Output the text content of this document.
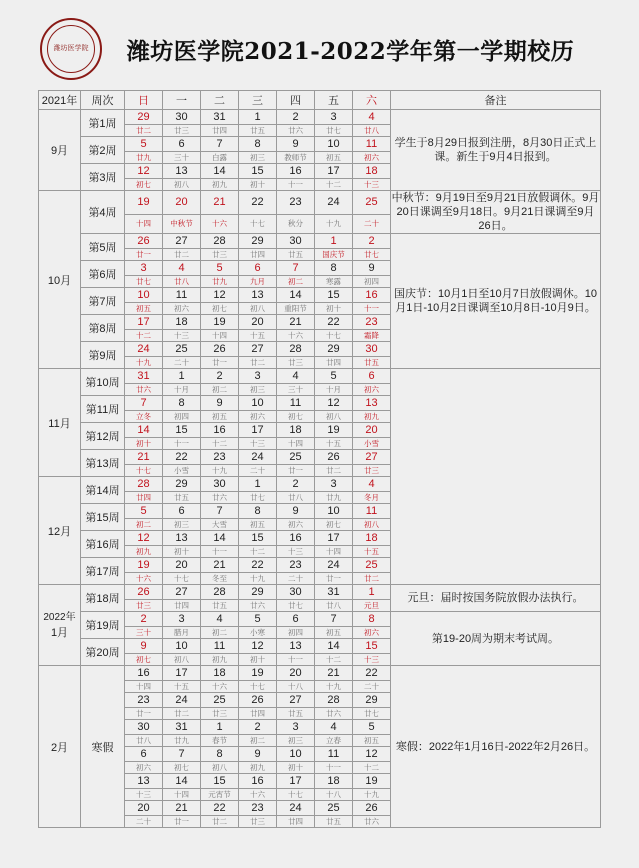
潍坊医学院	潍坊医学院2021-2022学年第一学期校历
2021年	周次	日	一	二	三	四	五	六	备注
9月	第1周	29	30	31	1	2	3	4	学生于8月29日报到注册，8月30日正式上课。新生于9月4日报到。
		廿二	廿三	廿四	廿五	廿六	廿七	廿八	
	第2周	5	6	7	8	9	10	11	
		廿九	三十	白露	初三	教师节	初五	初六	
	第3周	12	13	14	15	16	17	18	
		初七	初八	初九	初十	十一	十二	十三	
10月	第4周	19	20	21	22	23	24	25	中秋节：9月19日至9月21日放假调休。9月20日课调至9月18日。9月21日课调至9月26日。
		十四	中秋节	十六	十七	秋分	十九	二十	
	第5周	26	27	28	29	30	1	2	国庆节：10月1日至10月7日放假调休。10月1日-10月2日课调至10月8日-10月9日。
		廿一	廿二	廿三	廿四	廿五	国庆节	廿七	
	第6周	3	4	5	6	7	8	9	
		廿七	廿八	廿九	九月	初二	寒露	初四	
	第7周	10	11	12	13	14	15	16	
		初五	初六	初七	初八	重阳节	初十	十一	
	第8周	17	18	19	20	21	22	23	
		十二	十三	十四	十五	十六	十七	霜降	
	第9周	24	25	26	27	28	29	30	
		十九	二十	廿一	廿二	廿三	廿四	廿五	
11月	第10周	31	1	2	3	4	5	6	
		廿六	十月	初二	初三	三十	十月	初六	
	第11周	7	8	9	10	11	12	13	
		立冬	初四	初五	初六	初七	初八	初九	
	第12周	14	15	16	17	18	19	20	
		初十	十一	十二	十三	十四	十五	小雪	
	第13周	21	22	23	24	25	26	27	
		十七	小雪	十九	二十	廿一	廿二	廿三	
12月	第14周	28	29	30	1	2	3	4	
		廿四	廿五	廿六	廿七	廿八	廿九	冬月	
	第15周	5	6	7	8	9	10	11	
		初二	初三	大雪	初五	初六	初七	初八	
	第16周	12	13	14	15	16	17	18	
		初九	初十	十一	十二	十三	十四	十五	
	第17周	19	20	21	22	23	24	25	
		十六	十七	冬至	十九	二十	廿一	廿二	

2022年
1月	第18周	26	27	28	29	30	31	1	元旦：届时按国务院放假办法执行。
		廿三	廿四	廿五	廿六	廿七	廿八	元旦	
	第19周	2	3	4	5	6	7	8	第19-20周为期末考试周。
		三十	腊月	初二	小寒	初四	初五	初六	
	第20周	9	10	11	12	13	14	15	
		初七	初八	初九	初十	十一	十二	十三	
2月	寒假	16	17	18	19	20	21	22	寒假：2022年1月16日-2022年2月26日。
		十四	十五	十六	十七	十八	十九	二十	
		23	24	25	26	27	28	29	
		廿一	廿二	廿三	廿四	廿五	廿六	廿七	
		30	31	1	2	3	4	5	
		廿八	廿九	春节	初二	初三	立春	初五	
		6	7	8	9	10	11	12	
		初六	初七	初八	初九	初十	十一	十二	
		13	14	15	16	17	18	19	
		十三	十四	元宵节	十六	十七	十八	十九	
		20	21	22	23	24	25	26	
		二十	廿一	廿二	廿三	廿四	廿五	廿六	
